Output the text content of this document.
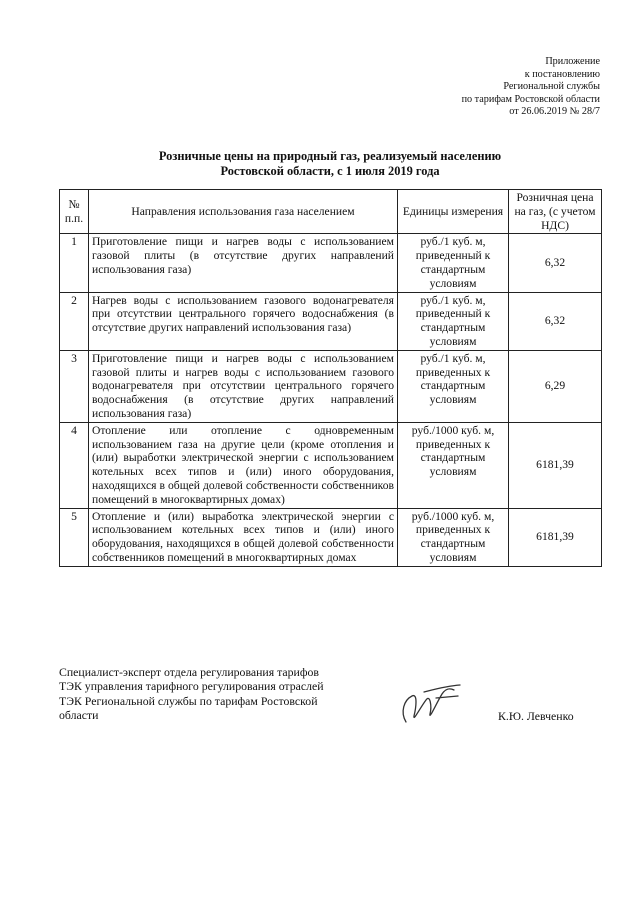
Приложение
к постановлению
Региональной службы
по тарифам Ростовской области
от 26.06.2019 № 28/7
Розничные цены на природный газ, реализуемый населению
Ростовской области, с 1 июля 2019 года
№ п.п.	Направления использования газа населением	Единицы измерения	Розничная цена на газ, (с учетом НДС)
1	Приготовление пищи и нагрев воды с использованием газовой плиты (в отсутствие других направлений использования газа)	руб./1 куб. м, приведенный к стандартным условиям	6,32
2	Нагрев воды с использованием газового водонагревателя при отсутствии центрального горячего водоснабжения (в отсутствие других направлений использования газа)	руб./1 куб. м, приведенный к стандартным условиям	6,32
3	Приготовление пищи и нагрев воды с использованием газовой плиты и нагрев воды с использованием газового водонагревателя при отсутствии центрального горячего водоснабжения (в отсутствие других направлений использования газа)	руб./1 куб. м, приведенных к стандартным условиям	6,29
4	Отопление или отопление с одновременным использованием газа на другие цели (кроме отопления и (или) выработки электрической энергии с использованием котельных всех типов и (или) иного оборудования, находящихся в общей долевой собственности собственников помещений в многоквартирных домах)	руб./1000 куб. м, приведенных к стандартным условиям	6181,39
5	Отопление и (или) выработка электрической энергии с использованием котельных всех типов и (или) иного оборудования, находящихся в общей долевой собственности собственников помещений в многоквартирных домах	руб./1000 куб. м, приведенных к стандартным условиям	6181,39
Специалист-эксперт отдела регулирования тарифов
ТЭК управления тарифного регулирования отраслей
ТЭК Региональной службы по тарифам Ростовской
области	К.Ю. Левченко
